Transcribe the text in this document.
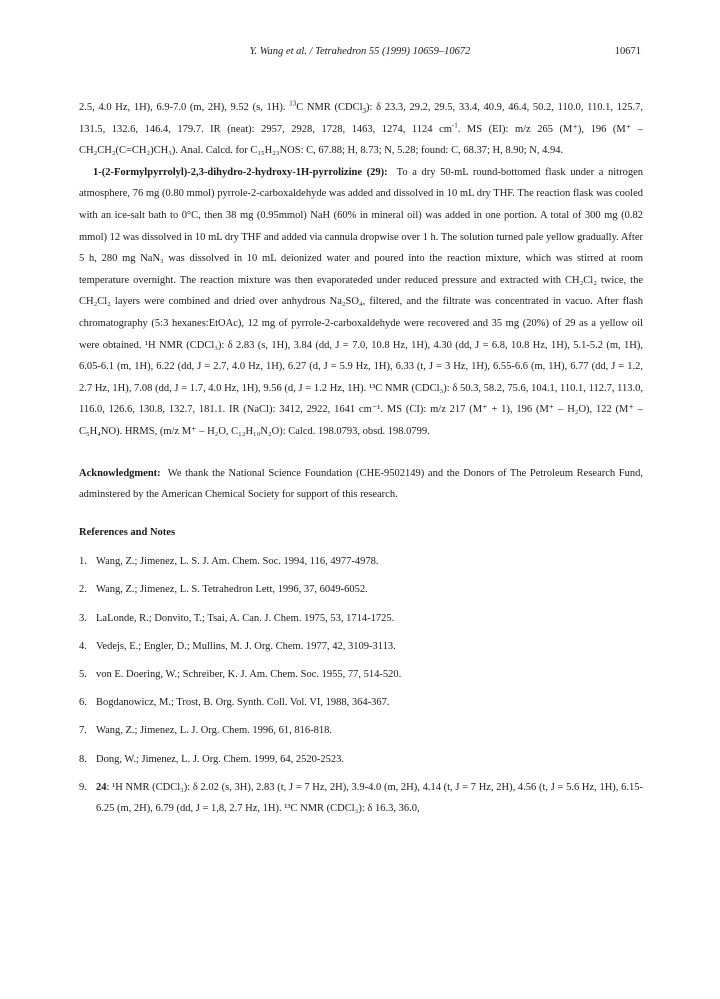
Y. Wang et al. / Tetrahedron 55 (1999) 10659–10672	10671

2.5, 4.0 Hz, 1H), 6.9-7.0 (m, 2H), 9.52 (s, 1H). $^{13}$C NMR (CDCl$_3$): δ 23.3, 29.2, 29.5, 33.4, 40.9, 46.4, 50.2, 110.0, 110.1, 125.7, 131.5, 132.6, 146.4, 179.7. IR (neat): 2957, 2928, 1728, 1463, 1274, 1124 $cm^{-1}$. MS (EI): m/z 265 (M⁺), 196 (M⁺ – CH₂CH₂(C=CH₂)CH₃). Anal. Calcd. for C₁₅H₂₃NOS: C, 67.88; H, 8.73; N, 5.28; found: C, 68.37; H, 8.90; N, 4.94.

1-(2-Formylpyrrolyl)-2,3-dihydro-2-hydroxy-1H-pyrrolizine (29): To a dry 50-mL round-bottomed flask under a nitrogen atmosphere, 76 mg (0.80 mmol) pyrrole-2-carboxaldehyde was added and dissolved in 10 mL dry THF. The reaction flask was cooled with an ice-salt bath to 0°C, then 38 mg (0.95mmol) NaH (60% in mineral oil) was added in one portion. A total of 300 mg (0.82 mmol) 12 was dissolved in 10 mL dry THF and added via cannula dropwise over 1 h. The solution turned pale yellow gradually. After 5 h, 280 mg NaN₃ was dissolved in 10 mL deionized water and poured into the reaction mixture, which was stirred at room temperature overnight. The reaction mixture was then evaporateded under reduced pressure and extracted with CH₂Cl₂ twice, the CH₂Cl₂ layers were combined and dried over anhydrous Na₂SO₄, filtered, and the filtrate was concentrated in vacuo. After flash chromatography (5:3 hexanes:EtOAc), 12 mg of pyrrole-2-carboxaldehyde were recovered and 35 mg (20%) of 29 as a yellow oil were obtained. ¹H NMR (CDCl₃): δ 2.83 (s, 1H), 3.84 (dd, J = 7.0, 10.8 Hz, 1H), 4.30 (dd, J = 6.8, 10.8 Hz, 1H), 5.1-5.2 (m, 1H), 6.05-6.1 (m, 1H), 6.22 (dd, J = 2.7, 4.0 Hz, 1H), 6.27 (d, J = 5.9 Hz, 1H), 6.33 (t, J = 3 Hz, 1H), 6.55-6.6 (m, 1H), 6.77 (dd, J = 1.2, 2.7 Hz, 1H), 7.08 (dd, J = 1.7, 4.0 Hz, 1H), 9.56 (d, J = 1.2 Hz, 1H). ¹³C NMR (CDCl₃): δ 50.3, 58.2, 75.6, 104.1, 110.1, 112.7, 113.0, 116.0, 126.6, 130.8, 132.7, 181.1. IR (NaCl): 3412, 2922, 1641 cm⁻¹. MS (CI): m/z 217 (M⁺ + 1), 196 (M⁺ – H₂O), 122 (M⁺ – C₅H₄NO). HRMS, (m/z M⁺ – H₂O, C₁₂H₁₀N₂O): Calcd. 198.0793, obsd. 198.0799.

Acknowledgment: We thank the National Science Foundation (CHE-9502149) and the Donors of The Petroleum Research Fund, adminstered by the American Chemical Society for support of this research.

References and Notes
1. Wang, Z.; Jimenez, L. S. J. Am. Chem. Soc. 1994, 116, 4977-4978.
2. Wang, Z.; Jimenez, L. S. Tetrahedron Lett, 1996, 37, 6049-6052.
3. LaLonde, R.; Donvito, T.; Tsai, A. Can. J. Chem. 1975, 53, 1714-1725.
4. Vedejs, E.; Engler, D.; Mullins, M. J. Org. Chem. 1977, 42, 3109-3113.
5. von E. Doering, W.; Schreiber, K. J. Am. Chem. Soc. 1955, 77, 514-520.
6. Bogdanowicz, M.; Trost, B. Org. Synth. Coll. Vol. VI, 1988, 364-367.
7. Wang, Z.; Jimenez, L. J. Org. Chem. 1996, 61, 816-818.
8. Dong, W.; Jimenez, L. J. Org. Chem. 1999, 64, 2520-2523.
9. 24: ¹H NMR (CDCl₃): δ 2.02 (s, 3H), 2.83 (t, J = 7 Hz, 2H), 3.9-4.0 (m, 2H), 4.14 (t, J = 7 Hz, 2H), 4.56 (t, J = 5.6 Hz, 1H), 6.15-6.25 (m, 2H), 6.79 (dd, J = 1,8, 2.7 Hz, 1H). ¹³C NMR (CDCl₃): δ 16.3, 36.0,
